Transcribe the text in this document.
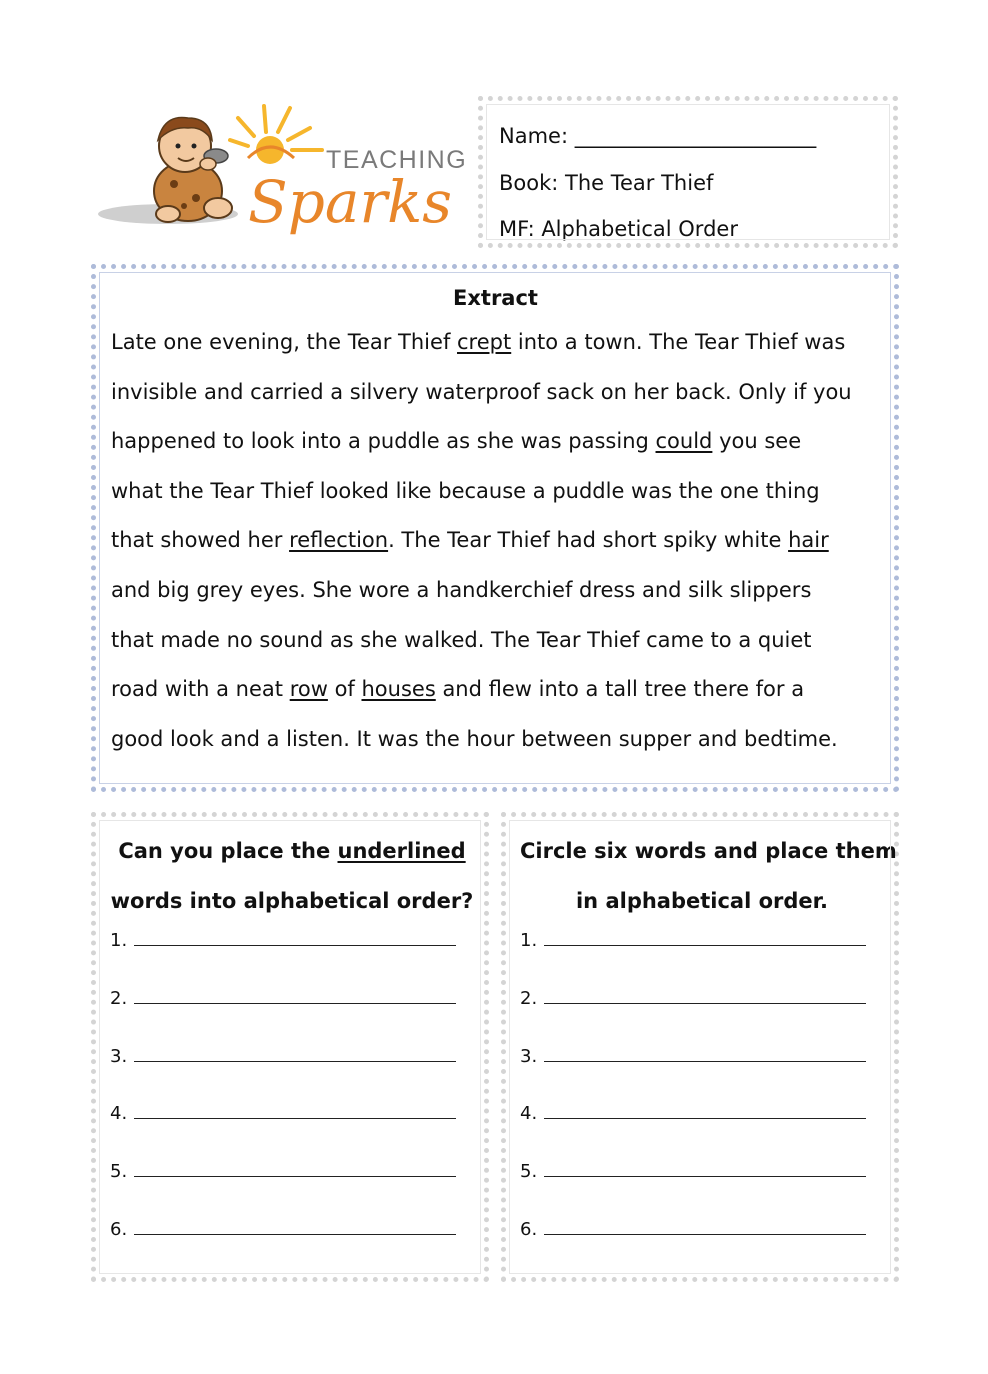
TEACHING
Sparks
Name: _______________________
Book: The Tear Thief
MF: Alphabetical Order
Extract
Late one evening, the Tear Thief crept into a town. The Tear Thief was
invisible and carried a silvery waterproof sack on her back. Only if you
happened to look into a puddle as she was passing could you see
what the Tear Thief looked like because a puddle was the one thing
that showed her reflection. The Tear Thief had short spiky white hair
and big grey eyes. She wore a handkerchief dress and silk slippers
that made no sound as she walked. The Tear Thief came to a quiet
road with a neat row of houses and flew into a tall tree there for a
good look and a listen. It was the hour between supper and bedtime.
Can you place the underlined
words into alphabetical order?
1.
2.
3.
4.
5.
6.
Circle six words and place them
in alphabetical order.
1.
2.
3.
4.
5.
6.
